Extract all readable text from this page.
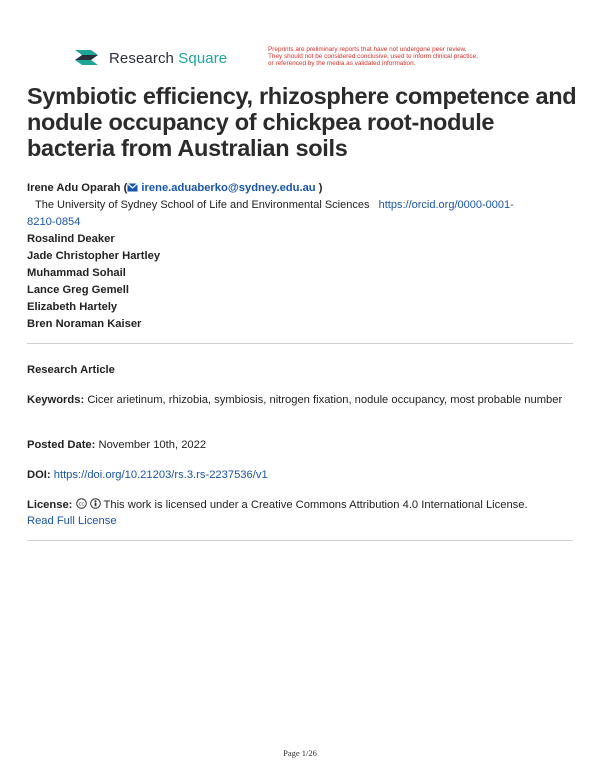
Research Square	Preprints are preliminary reports that have not undergone peer review.
They should not be considered conclusive, used to inform clinical practice,
or referenced by the media as validated information.
Symbiotic efficiency, rhizosphere competence and nodule occupancy of chickpea root-nodule bacteria from Australian soils
Irene Adu Oparah ( irene.aduaberko@sydney.edu.au )
The University of Sydney School of Life and Environmental Sciences https://orcid.org/0000-0001-
8210-0854
Rosalind Deaker
Jade Christopher Hartley
Muhammad Sohail
Lance Greg Gemell
Elizabeth Hartely
Bren Noraman Kaiser
Research Article
Keywords: Cicer arietinum, rhizobia, symbiosis, nitrogen fixation, nodule occupancy, most probable number
Posted Date: November 10th, 2022
DOI: https://doi.org/10.21203/rs.3.rs-2237536/v1
License: cc This work is licensed under a Creative Commons Attribution 4.0 International License.
Read Full License
Page 1/26
